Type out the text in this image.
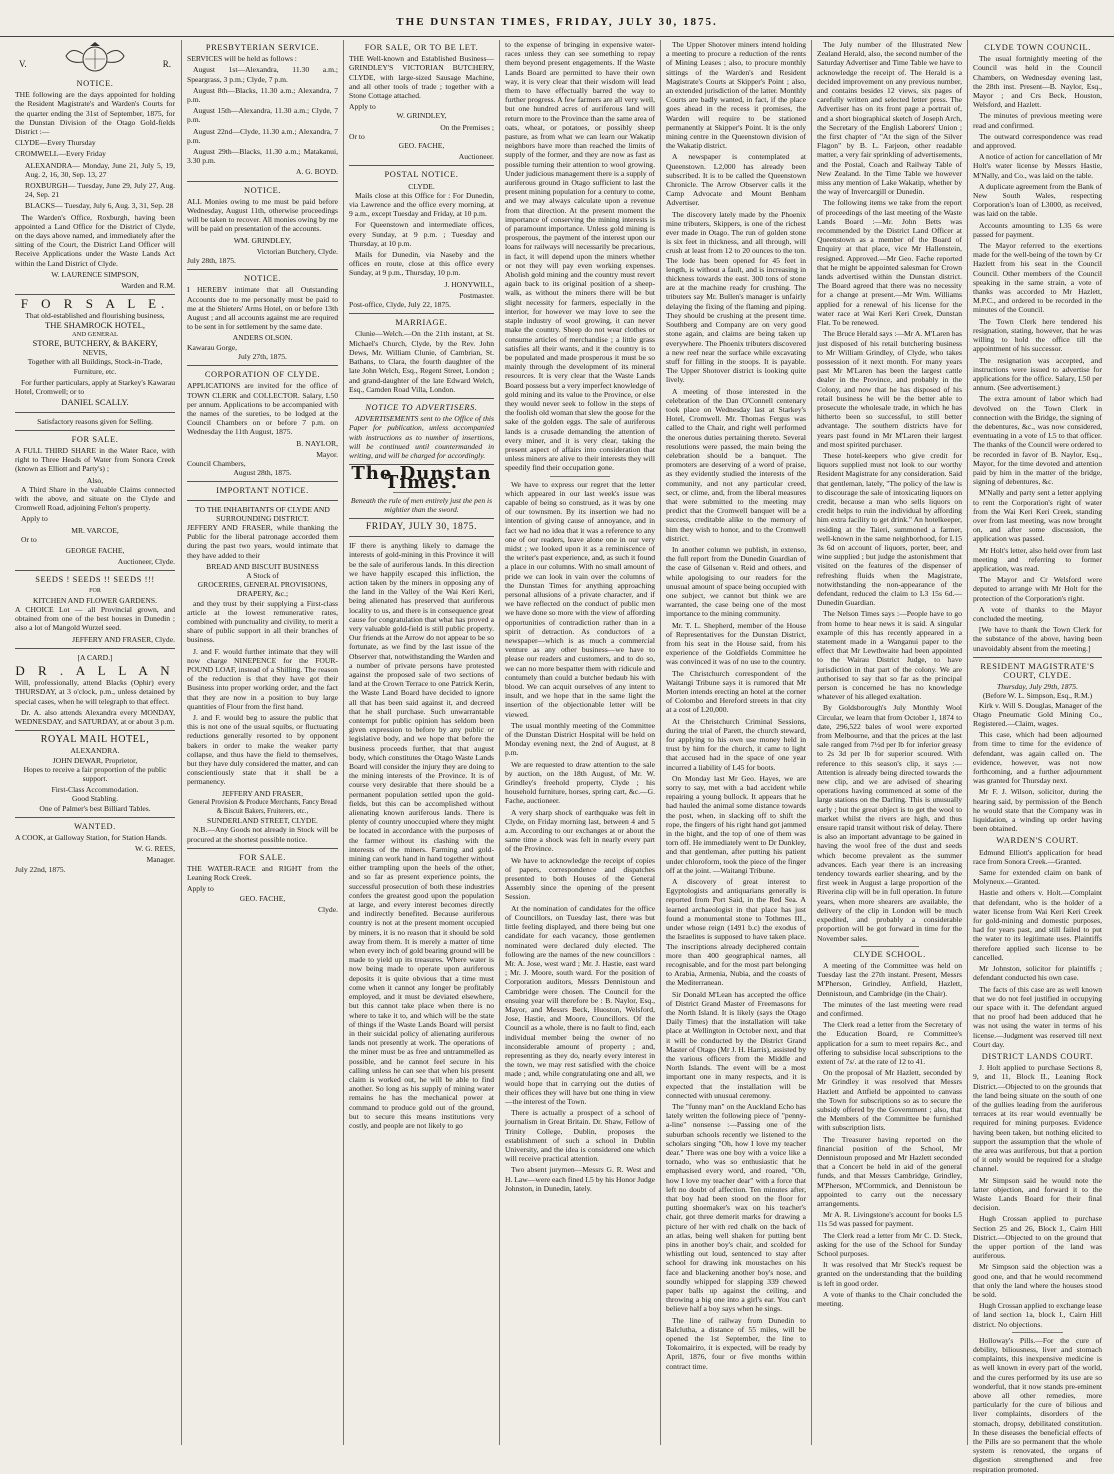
THE DUNSTAN TIMES, FRIDAY, JULY 30, 1875.
V.	R.
NOTICE.

THE following are the days appointed for holding the Resident Magistrate's and Warden's Courts for the quarter ending the 31st of September, 1875, for the Dunstan Division of the Otago Gold-fields District :—

CLYDE—Every Thursday

CROMWELL—Every Friday

ALEXANDRA— Monday, June 21, July 5, 19, Aug. 2, 16, 30, Sep. 13, 27

ROXBURGH— Tuesday, June 29, July 27, Aug. 24, Sep. 21

BLACKS— Tuesday, July 6, Aug. 3, 31, Sep. 28

The Warden's Office, Roxburgh, having been appointed a Land Office for the District of Clyde, on the days above named, and immediately after the sitting of the Court, the District Land Officer will Receive Applications under the Waste Lands Act within the Land District of Clyde.

W. LAURENCE SIMPSON,
Warden and R.M.
F O R S A L E.
That old-established and flourishing business,
THE SHAMROCK HOTEL,
AND GENERAL
STORE, BUTCHERY, & BAKERY,
NEVIS,

Together with all Buildings, Stock-in-Trade, Furniture, etc.

For further particulars, apply at Starkey's Kawarau Hotel, Cromwell; or to

DANIEL SCALLY.
Satisfactory reasons given for Selling.
FOR SALE.

A FULL THIRD SHARE in the Water Race, with right to Three Heads of Water from Sonora Creek (known as Elliott and Party's) ;

Also,

A Third Share in the valuable Claims connected with the above, and situate on the Clyde and Cromwell Road, adjoining Felton's property.

Apply to

MR. VARCOE,

Or to

GEORGE FACHE,
Auctioneer, Clyde.
SEEDS ! SEEDS !! SEEDS !!!
FOR
KITCHEN AND FLOWER GARDENS.

A CHOICE Lot — all Provincial grown, and obtained from one of the best houses in Dunedin ; also a lot of Mangold Wurzel seed.

JEFFERY AND FRASER, Clyde.
[A CARD.]
D R . A L L A N

Will, professionally, attend Blacks (Ophir) every THURSDAY, at 3 o'clock, p.m., unless detained by special cases, when he will telegraph to that effect.

Dr. A. also attends Alexandra every MONDAY, WEDNESDAY, and SATURDAY, at or about 3 p.m.

ROYAL MAIL HOTEL,
ALEXANDRA.
JOHN DEWAR, Proprietor,

Hopes to receive a fair proportion of the public support.

First-Class Accommodation.
Good Stabling.
One of Palmer's best Billiard Tables.
WANTED.

A COOK, at Galloway Station, for Station Hands.

W. G. REES,
Manager.
July 22nd, 1875.
PRESBYTERIAN SERVICE.

SERVICES will be held as follows :

August 1st—Alexandra, 11.30 a.m.; Speargrass, 3 p.m.; Clyde, 7 p.m.

August 8th—Blacks, 11.30 a.m.; Alexandra, 7 p.m.

August 15th—Alexandra, 11.30 a.m.; Clyde, 7 p.m.

August 22nd—Clyde, 11.30 a.m.; Alexandra, 7 p.m.

August 29th—Blacks, 11.30 a.m.; Matakanui, 3.30 p.m.

A. G. BOYD.
NOTICE.

ALL Monies owing to me must be paid before Wednesday, August 11th, otherwise proceedings will be taken to recover. All monies owing by me will be paid on presentation of the accounts.

WM. GRINDLEY,
Victorian Butchery, Clyde.
July 28th, 1875.
NOTICE.

I HEREBY intimate that all Outstanding Accounts due to me personally must be paid to me at the Shieters' Arms Hotel, on or before 13th August ; and all accounts against me are required to be sent in for settlement by the same date.

ANDERS OLSON.
Kawarau Gorge,
July 27th, 1875.
CORPORATION OF CLYDE.

APPLICATIONS are invited for the office of TOWN CLERK and COLLECTOR. Salary, L50 per annum. Applications to be accompanied with the names of the sureties, to be lodged at the Council Chambers on or before 7 p.m. on Wednesday the 11th August, 1875.

B. NAYLOR,
Mayor.
Council Chambers,
August 28th, 1875.
IMPORTANT NOTICE.
TO THE INHABITANTS OF CLYDE AND SURROUNDING DISTRICT.

JEFFERY AND FRASER, while thanking the Public for the liberal patronage accorded them during the past two years, would intimate that they have added to their

BREAD AND BISCUIT BUSINESS
A Stock of
GROCERIES, GENERAL PROVISIONS, DRAPERY, &c.;

and they trust by their supplying a First-class article at the lowest remunerative rates, combined with punctuality and civility, to merit a share of public support in all their branches of business.

J. and F. would further intimate that they will now charge NINEPENCE for the FOUR-POUND LOAF, instead of a Shilling. The reason of the reduction is that they have got their Business into proper working order, and the fact that they are now in a position to buy large quantities of Flour from the first hand.

J. and F. would beg to assure the public that this is not one of the usual squibs, or fluctuating reductions generally resorted to by opponent bakers in order to make the weaker party collapse, and thus have the field to themselves, but they have duly considered the matter, and can conscientiously state that it shall be a permanency.

JEFFERY AND FRASER,
General Provision & Produce Merchants, Fancy Bread & Biscuit Bakers, Fruiterers, etc.,
SUNDERLAND STREET, CLYDE.

N.B.—Any Goods not already in Stock will be procured at the shortest possible notice.

FOR SALE.

THE WATER-RACE and RIGHT from the Leaning Rock Creek.

Apply to
GEO. FACHE,
Clyde.
FOR SALE, OR TO BE LET.

THE Well-known and Established Business—GRINDLEY'S VICTORIAN BUTCHERY, CLYDE, with large-sized Sausage Machine, and all other tools of trade ; together with a Stone Cottage attached.

Apply to
W. GRINDLEY,
On the Premises ;
Or to
GEO. FACHE,
Auctioneer.
POSTAL NOTICE.
CLYDE.

Mails close at this Office for : For Dunedin, via Lawrence and the office every morning, at 9 a.m., except Tuesday and Friday, at 10 p.m.

For Queenstown and intermediate offices, every Sunday, at 9 p.m. ; Tuesday and Thursday, at 10 p.m.

Mails for Dunedin, via Naseby and the offices en route, close at this office every Sunday, at 9 p.m., Thursday, 10 p.m.

J. HONYWILL,
Postmaster.
Post-office, Clyde, July 22, 1875.
MARRIAGE.

Clunie—Welch.—On the 21th instant, at St. Michael's Church, Clyde, by the Rev. John Dews, Mr. William Clunie, of Cambrian, St. Bathans, to Clara, the fourth daughter of the late John Welch, Esq., Regent Street, London ; and grand-daughter of the late Edward Welch, Esq., Camden Road Villa, London.

NOTICE TO ADVERTISERS.

ADVERTISEMENTS sent to the Office of this Paper for publication, unless accompanied with instructions as to number of insertions, will be continued until countermanded in writing, and will be charged for accordingly.

The Dunstan Times.
Beneath the rule of men entirely just the pen is mightier than the sword.
FRIDAY, JULY 30, 1875.

IF there is anything likely to damage the interests of gold-mining in this Province it will be the sale of auriferous lands. In this direction we have happily escaped this infliction, the action taken by the miners in opposing any of the land in the Valley of the Wai Keri Keri, being alienated has preserved that auriferous locality to us, and there is in consequence great cause for congratulation that what has proved a very valuable gold-field is still public property. Our friends at the Arrow do not appear to be so fortunate, as we find by the last issue of the Observer that, notwithstanding the Warden and a number of private persons have protested against the proposed sale of two sections of land at the Crown Terrace to one Patrick Kerin, the Waste Land Board have decided to ignore all that has been said against it, and decreed that he shall purchase. Such unwarrantable contempt for public opinion has seldom been given expression to before by any public or legislative body, and we hope that before the business proceeds further, that that august body, which constitutes the Otago Waste Lands Board will consider the injury they are doing to the mining interests of the Province. It is of course very desirable that there should be a permanent population settled upon the gold-fields, but this can be accomplished without alienating known auriferous lands. There is plenty of country unoccupied where they might be located in accordance with the purposes of the farmer without its clashing with the interests of the miners. Farming and gold-mining can work hand in hand together without either trampling upon the heels of the other, and so far as present experience points, the successful prosecution of both these industries confers the greatest good upon the population at large, and every interest becomes directly and indirectly benefited. Because auriferous country is not at the present moment occupied by miners, it is no reason that it should be sold away from them. It is merely a matter of time when every inch of gold bearing ground will be made to yield up its treasures. Where water is now being made to operate upon auriferous deposits it is quite obvious that a time must come when it cannot any longer be profitably employed, and it must be deviated elsewhere, but this cannot take place when there is no where to take it to, and which will be the state of things if the Waste Lands Board will persist in their suicidal policy of alienating auriferous lands not presently at work. The operations of the miner must be as free and untrammelled as possible, and he cannot feel secure in his calling unless he can see that when his present claim is worked out, he will be able to find another. So long as his supply of mining water remains he has the mechanical power at command to produce gold out of the ground, but to secure this means institutions very costly, and people are not likely to go

to the expense of bringing in expensive water-races unless they can see something to repay them beyond present engagements. If the Waste Lands Board are permitted to have their own way, it is very clear that their wisdom will lead them to have effectually barred the way to further progress. A few farmers are all very well, but one hundred acres of auriferous land will return more to the Province than the same area of oats, wheat, or potatoes, or possibly sheep pasture, as from what we can learn our Wakatip neighbors have more than reached the limits of supply of the former, and they are now as fast as possible turning their attention to wool growing. Under judicious management there is a supply of auriferous ground in Otago sufficient to last the present mining population for a century to come, and we may always calculate upon a revenue from that direction. At the present moment the importance of conserving the mining interests is of paramount importance. Unless gold mining is prosperous, the payment of the interest upon our loans for railways will necessarily be precarious, in fact, it will depend upon the miners whether or not they will pay even working expenses. Abolish gold mining and the country must revert again back to its original position of a sheep-walk, as without the miners there will be but slight necessity for farmers, especially in the interior, for however we may love to see the staple industry of wool growing, it can never make the country. Sheep do not wear clothes or consume articles of merchandise ; a little grass satisfies all their wants, and it the country is to be populated and made prosperous it must be so mainly through the development of its mineral resources. It is very clear that the Waste Lands Board possess but a very imperfect knowledge of gold mining and its value to the Province, or else they would never seek to follow in the steps of the foolish old woman that slew the goose for the sake of the golden eggs. The sale of auriferous lands is a crusade demanding the attention of every miner, and it is very clear, taking the present aspect of affairs into consideration that unless miners are alive to their interests they will speedily find their occupation gone.

We have to express our regret that the letter which appeared in our last week's issue was capable of being so construed, as it was by one of our townsmen. By its insertion we had no intention of giving cause of annoyance, and in fact we had no idea that it was a reference to any one of our readers, leave alone one in our very midst ; we looked upon it as a reminiscence of the writer's past experience, and, as such it found a place in our columns. With no small amount of pride we can look in vain over the columns of the Dunstan Times for anything approaching personal allusions of a private character, and if we have reflected on the conduct of public men we have done so more with the view of affording opportunities of contradiction rather than in a spirit of detraction. As conductors of a newspaper—which is as much a commercial venture as any other business—we have to please our readers and customers, and to do so, we can no more bespatter them with ridicule and contumely than could a butcher bedaub his with blood. We can acquit ourselves of any intent to insult, and we hope that in the same light the insertion of the objectionable letter will be viewed.

The usual monthly meeting of the Committee of the Dunstan District Hospital will be held on Monday evening next, the 2nd of August, at 8 p.m.

We are requested to draw attention to the sale by auction, on the 18th August, of Mr. W. Grindley's freehold property, Clyde ; his household furniture, horses, spring cart, &c.—G. Fache, auctioneer.

A very sharp shock of earthquake was felt in Clyde, on Friday morning last, between 4 and 5 a.m. According to our exchanges at or about the same time a shock was felt in nearly every part of the Province.

We have to acknowledge the receipt of copies of papers, correspondence and dispatches presented to both Houses of the General Assembly since the opening of the present Session.

At the nomination of candidates for the office of Councillors, on Tuesday last, there was but little feeling displayed, and there being but one candidate for each vacancy, those gentlemen nominated were declared duly elected. The following are the names of the new councillors : Mr. A. Jose, west ward ; Mr. J. Hastie, east ward ; Mr. J. Moore, south ward. For the position of Corporation auditors, Messrs Dennistoun and Cambridge were chosen. The Council for the ensuing year will therefore be : B. Naylor, Esq., Mayor, and Messrs Beck, Huoston, Welsford, Jose, Hastie, and Moore, Councillors. Of the Council as a whole, there is no fault to find, each individual member being the owner of no inconsiderable amount of property ; and, representing as they do, nearly every interest in the town, we may rest satisfied with the choice made ; and, while congratulating one and all, we would hope that in carrying out the duties of their offices they will have but one thing in view—the interest of the Town.

There is actually a prospect of a school of journalism in Great Britain. Dr. Shaw, Fellow of Trinity College, Dublin, proposes the establishment of such a school in Dublin University, and the idea is considered one which will receive practical attention.

Two absent jurymen—Messrs G. R. West and H. Law—were each fined L5 by his Honor Judge Johnston, in Dunedin, lately.

The Upper Shotover miners intend holding a meeting to procure a reduction of the rents of Mining Leases ; also, to procure monthly sittings of the Warden's and Resident Magistrate's Courts at Skipper's Point ; also, an extended jurisdiction of the latter. Monthly Courts are badly wanted, in fact, if the place goes ahead in the recess it promises, the Warden will require to be stationed permanently at Skipper's Point. It is the only mining centre in the Queenstown division of the Wakatip district.

A newspaper is contemplated at Queenstown. L2,000 has already been subscribed. It is to be called the Queenstown Chronicle. The Arrow Observer calls it the Camp Advocate and Mount Benham Advertiser.

The discovery lately made by the Phoenix mine tributers, Skippers, is one of the richest ever made in Otago. The run of golden stone is six feet in thickness, and all through, will crush at least from 12 to 20 ounces to the ton. The lode has been opened for 45 feet in length, is without a fault, and is increasing in thickness towards the east. 300 tons of stone are at the machine ready for crushing. The tributers say Mr. Bullen's manager is unfairly delaying the fixing of the flaming and piping. They should be crushing at the present time. Southberg and Company are on very good stone again, and claims are being taken up everywhere. The Phoenix tributers discovered a new reef near the surface while excavating stuff for filling in the stoops. It is payable. The Upper Shotover district is looking quite lively.

A meeting of those interested in the celebration of the Dan O'Connell centenary took place on Wednesday last at Starkey's Hotel, Cromwell. Mr. Thomas Fergus was called to the Chair, and right well performed the onerous duties pertaining thereto. Several resolutions were passed, the main being the celebration should be a banquet. The promoters are deserving of a word of praise, as they evidently studied the interests of the community, and not any particular creed, sect, or clime, and, from the liberal measures that were submitted to the meeting may predict that the Cromwell banquet will be a success, creditable alike to the memory of him they wish to honor, and to the Cromwell district.

In another column we publish, in extenso, the full report from the Dunedin Guardian of the case of Gilsenan v. Reid and others, and while apologising to our readers for the unusual amount of space being occupied with one subject, we cannot but think we are warranted, the case being one of the most importance to the mining community.

Mr. T. L. Shepherd, member of the House of Representatives for the Dunstan District, from his seat in the House said, from his experience of the Goldfields Committee he was convinced it was of no use to the country.

The Christchurch correspondent of the Waitangi Tribune says it is rumored that Mr Morten intends erecting an hotel at the corner of Colombo and Hereford streets in that city at a cost of L20,000.

At the Christchurch Criminal Sessions, during the trial of Parett, the church steward, for applying to his own use money held in trust by him for the church, it came to light that accused had in the space of one year incurred a liability of L45 for boots.

On Monday last Mr Geo. Hayes, we are sorry to say, met with a bad accident while repairing a young bullock. It appears that he had hauled the animal some distance towards the post, when, in slacking off to shift the rope, the fingers of his right hand got jammed in the hight, and the top of one of them was torn off. He immediately went to Dr Dunkley, and that gentleman, after putting his patient under chloroform, took the piece of the finger off at the joint. —Waitangi Tribune.

A discovery of great interest to Egyptologists and antiquarians generally is reported from Port Said, in the Red Sea. A learned archaeologist in that place has just found a monumental stone to Tothmes III., under whose reign (1491 b.c) the exodus of the Israelites is supposed to have taken place. The inscriptions already deciphered contain more than 400 geographical names, all recognisable, and for the most part belonging to Arabia, Armenia, Nubia, and the coasts of the Mediterranean.

Sir Donald M'Lean has accepted the office of District Grand Master of Freemasons for the North Island. It is likely (says the Otago Daily Times) that the installation will take place at Wellington in October next, and that it will be conducted by the District Grand Master of Otago (Mr J. H. Harris), assisted by the various officers from the Middle and North Islands. The event will be a most important one in many respects, and it is expected that the installation will be connected with unusual ceremony.

The "funny man" on the Auckland Echo has lately written the following piece of "penny-a-line" nonsense :—Passing one of the suburban schools recently we listened to the scholars singing "Oh, how I love my teacher dear." There was one boy with a voice like a tornado, who was so enthusiastic that he emphasised every word, and roared, "Oh, how I love my teacher dear" with a force that left no doubt of affection. Ten minutes after, that boy had been stood on the floor for putting shoemaker's wax on his teacher's chair, got three demerit marks for drawing a picture of her with red chalk on the back of an atlas, being well shaken for putting bent pins in another boy's chair, and scolded for whistling out loud, sentenced to stay after school for drawing ink moustaches on his face and blackening another boy's nose, and soundly whipped for slapping 339 chewed paper balls up against the ceiling, and throwing a big one into a girl's ear. You can't believe half a boy says when he sings.

The line of railway from Dunedin to Balclutha, a distance of 55 miles, will be opened the 1st September, the line to Tokomairiro, it is expected, will be ready by April, 1876, four or five months within contract time.

The July number of the Illustrated New Zealand Herald, also, the second number of the Saturday Advertiser and Time Table we have to acknowledge the receipt of. The Herald is a decided improvement on any previous number, and contains besides 12 views, six pages of carefully written and selected letter press. The Advertiser has on its front page a portrait of, and a short biographical sketch of Joseph Arch, the Secretary of the English Laborers' Union ; the first chapter of "At the sign of the Silver Flagon" by B. L. Farjeon, other readable matter, a very fair sprinkling of advertisements, and the Postal, Coach and Railway Table of New Zealand. In the Time Table we however miss any mention of Lake Wakatip, whether by the way of Invercargill or Dunedin.

The following items we take from the report of proceedings of the last meeting of the Waste Lands Board :—Mr. John Betts was recommended by the District Land Officer at Queenstown as a member of the Board of Enquiry at that place, vice Mr Hallenstein, resigned. Approved.—Mr Geo. Fache reported that he might be appointed salesman for Crown lands advertised within the Dunstan district. The Board agreed that there was no necessity for a change at present.—Mr Wm. Williams applied for a renewal of his license for the water race at Wai Keri Keri Creek, Dunstan Flat. To be renewed.

The Bruce Herald says :—Mr A. M'Laren has just disposed of his retail butchering business to Mr William Grindley, of Clyde, who takes possession of it next month. For many years past Mr M'Laren has been the largest cattle dealer in the Province, and probably in the Colony, and now that he has disposed of his retail business he will be the better able to prosecute the wholesale trade, in which he has hitherto been so successful, to still better advantage. The southern districts have for years past found in Mr M'Laren their largest and most spirited purchaser.

These hotel-keepers who give credit for liquors supplied must not look to our worthy Resident Magistrate for any consideration. Said that gentleman, lately, "The policy of the law is to discourage the sale of intoxicating liquors on credit, because a man who sells liquors on credit helps to ruin the individual by affording him extra facility to get drink." An hotelkeeper, residing at the Taieri, summoned a farmer, well-known in the same neighborhood, for L15 3s 6d on account of liquors, porter, beer, and wine supplied ; but judge the astonishment that visited on the features of the dispenser of refreshing fluids when the Magistrate, notwithstanding the non-appearance of the defendant, reduced the claim to L3 15s 6d.—Dunedin Guardian.

The Nelson Times says :—People have to go from home to hear news it is said. A singular example of this has recently appeared in a statement made in a Wanganui paper to the effect that Mr Lewthwaite had been appointed to the Wairau District Judge, to have jurisdiction in that part of the colony. We are authorised to say that so far as the principal person is concerned he has no knowledge whatever of his alleged exaltation.

By Goldsborough's July Monthly Wool Circular, we learn that from October 1, 1874 to date, 296,522 bales of wool were exported from Melbourne, and that the prices at the last sale ranged from 7½d per lb for inferior greasy to 2s 3d per lb for superior scoured. With reference to this season's clip, it says :—Attention is already being directed towards the new clip, and we are advised of shearing operations having commenced at some of the large stations on the Darling. This is unusually early ; but the great object is to get the wool to market whilst the rivers are high, and thus ensure rapid transit without risk of delay. There is also an important advantage to be gained in having the wool free of the dust and seeds which become prevalent as the summer advances. Each year there is an increasing tendency towards earlier shearing, and by the first week in August a large proportion of the Riverina clip will be in full operation. In future years, when more shearers are available, the delivery of the clip in London will be much expedited, and probably a considerable proportion will be got forward in time for the November sales.

CLYDE SCHOOL.

A meeting of the Committee was held on Tuesday last the 27th instant. Present, Messrs M'Pherson, Grindley, Attfield, Hazlett, Dennistoun, and Cambridge (in the Chair).

The minutes of the last meeting were read and confirmed.

The Clerk read a letter from the Secretary of the Education Board, re Committee's application for a sum to meet repairs &c., and offering to subsidise local subscriptions to the extent of 7s/. at the rate of 12 to 41.

On the proposal of Mr Hazlett, seconded by Mr Grindley it was resolved that Messrs Hazlett and Attfield be appointed to canvass the Town for subscriptions so as to secure the subsidy offered by the Government ; also, that the Members of the Committee be furnished with subscription lists.

The Treasurer having reported on the financial position of the School, Mr Dennistoun proposed and Mr Hazlett seconded that a Concert be held in aid of the general funds, and that Messrs Cambridge, Grindley, M'Pherson, M'Cormmick, and Dennistoun be appointed to carry out the necessary arrangements.

Mr A. R. Livingstone's account for books L5 11s 5d was passed for payment.

The Clerk read a letter from Mr C. D. Steck, asking for the use of the School for Sunday School purposes.

It was resolved that Mr Steck's request be granted on the understanding that the building is left in good order.

A vote of thanks to the Chair concluded the meeting.

CLYDE TOWN COUNCIL.

The usual fortnightly meeting of the Council was held in the Council Chambers, on Wednesday evening last, the 28th inst. Present—B. Naylor, Esq., Mayor ; and Crs Beck, Houston, Welsford, and Hazlett.

The minutes of previous meeting were read and confirmed.

The outward correspondence was read and approved.

A notice of action for cancellation of Mr Holt's water license by Messrs Hastie, M'Nally, and Co., was laid on the table.

A duplicate agreement from the Bank of New South Wales, respecting Corporation's loan of L3000, as received, was laid on the table.

Accounts amounting to L35 6s were passed for payment.

The Mayor referred to the exertions made for the well-being of the town by Cr Hazlett from his seat in the Council Council. Other members of the Council speaking in the same strain, a vote of thanks was accorded to Mr Hazlett, M.P.C., and ordered to be recorded in the minutes of the Council.

The Town Clerk here tendered his resignation, stating, however, that he was willing to hold the office till the appointment of his successor.

The resignation was accepted, and instructions were issued to advertise for applications for the office. Salary, L50 per annum. (See advertisement.)

The extra amount of labor which had devolved on the Town Clerk in connection with the Bridge, the signing of the debentures, &c., was now considered, eventuating in a vote of L5 to that officer. The thanks of the Council were ordered to be recorded in favor of B. Naylor, Esq., Mayor, for the time devoted and attention paid by him in the matter of the bridge, signing of debentures, &c.

M'Nally and party sent a letter applying to rent the Corporation's right of water from the Wai Keri Keri Creek, standing over from last meeting, was now brought on, and after some discussion, the application was passed.

Mr Holt's letter, also held over from last meeting and referring to former application, was read.

The Mayor and Cr Welsford were deputed to arrange with Mr Holt for the protection of the Corporation's right.

A vote of thanks to the Mayor concluded the meeting.

[We have to thank the Town Clerk for the substance of the above, having been unavoidably absent from the meeting.]

RESIDENT MAGISTRATE'S COURT, CLYDE.
Thursday, July 29th, 1875.
(Before W. L. Simpson, Esq., R.M.)

Kirk v. Will S. Douglas, Manager of the Otago Pneumatic Gold Mining Co., Registered.—Claim, wages.

This case, which had been adjourned from time to time for the evidence of defendant, was again called on. The evidence, however, was not now forthcoming, and a further adjournment was granted for Thursday next.

Mr F. J. Wilson, solicitor, during the hearing said, by permission of the Bench he would state that the Company was in liquidation, a winding up order having been obtained.

WARDEN'S COURT.

Edmund Elliott's application for head race from Sonora Creek.—Granted.

Same for extended claim on bank of Molyneux.—Granted.

Hastie and others v. Holt.—Complaint that defendant, who is the holder of a water license from Wai Keri Keri Creek for gold-mining and domestic purposes, had for years past, and still failed to put the water to its legitimate uses. Plaintiffs therefore applied such license to be cancelled.

Mr Johnston, solicitor for plaintiffs ; defendant conducted his own case.

The facts of this case are as well known that we do not feel justified in occupying our space with it. The defendant argued that no proof had been adduced that he was not using the water in terms of his license.—Judgment was reserved till next Court day.

DISTRICT LANDS COURT.

J. Holt applied to purchase Sections 8, 9, and 11, Block II., Leaning Rock District.—Objected to on the grounds that the land being situate on the south of one of the gullies leading from the auriferous terraces at its rear would eventually be required for mining purposes. Evidence having been taken, but nothing elicited to support the assumption that the whole of the area was auriferous, but that a portion of it only would be required for a sludge channel.

Mr Simpson said he would note the latter objection, and forward it to the Waste Lands Board for their final decision.

Hugh Crossan applied to purchase Section 25 and 26, Block I., Cairn Hill District.—Objected to on the ground that the upper portion of the land was auriferous.

Mr Simpson said the objection was a good one, and that he would recommend that only the land where the houses stood be sold.

Hugh Crossan applied to exchange lease of land section 1a, block I., Cairn Hill district. No objections.

Holloway's Pills.—For the cure of debility, biliousness, liver and stomach complaints, this inexpensive medicine is as well known in every part of the world, and the cures performed by its use are so wonderful, that it now stands pre-eminent above all other remedies, more particularly for the cure of bilious and liver complaints, disorders of the stomach, dropsy, debilitated constitution. In these diseases the beneficial effects of the Pills are so permanent that the whole system is renovated, the organs of digestion strengthened and free respiration promoted.
